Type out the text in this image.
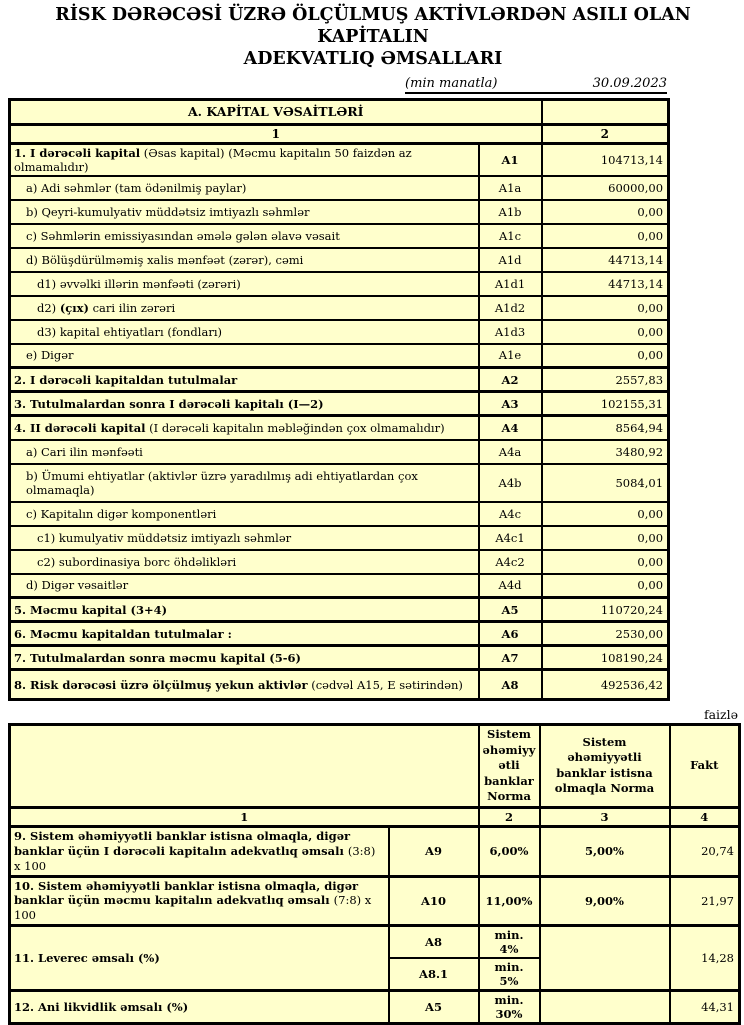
RİSK DƏRƏCƏSİ ÜZRƏ ÖLÇÜLMUŞ AKTİVLƏRDƏN ASILI OLAN KAPİTALIN
ADEKVATLIQ ƏMSALLARI
(min manatla)	30.09.2023
A. KAPİTAL VƏSAİTLƏRİ		
1		2
1. I dərəcəli kapital (Əsas kapital) (Məcmu kapitalın 50 faizdən az olmamalıdır)	A1	104713,14
a) Adi səhmlər (tam ödənilmiş paylar)	A1a	60000,00
b) Qeyri-kumulyativ müddətsiz imtiyazlı səhmlər	A1b	0,00
c) Səhmlərin emissiyasından əmələ gələn əlavə vəsait	A1c	0,00
d) Bölüşdürülməmiş xalis mənfəət (zərər), cəmi	A1d	44713,14
d1) əvvəlki illərin mənfəəti (zərəri)	A1d1	44713,14
d2) (çıx) cari ilin zərəri	A1d2	0,00
d3) kapital ehtiyatları (fondları)	A1d3	0,00
e) Digər	A1e	0,00
2. I dərəcəli kapitaldan tutulmalar	A2	2557,83
3. Tutulmalardan sonra I dərəcəli kapitalı (I—2)	A3	102155,31
4. II dərəcəli kapital (I dərəcəli kapitalın məbləğindən çox olmamalıdır)	A4	8564,94
a) Cari ilin mənfəəti	A4a	3480,92
b) Ümumi ehtiyatlar (aktivlər üzrə yaradılmış adi ehtiyatlardan çox olmamaqla)	A4b	5084,01
c) Kapitalın digər komponentləri	A4c	0,00
c1) kumulyativ müddətsiz imtiyazlı səhmlər	A4c1	0,00
c2) subordinasiya borc öhdəlikləri	A4c2	0,00
d) Digər vəsaitlər	A4d	0,00
5. Məcmu kapital (3+4)	A5	110720,24
6. Məcmu kapitaldan tutulmalar :	A6	2530,00
7. Tutulmalardan sonra məcmu kapital (5-6)	A7	108190,24
8. Risk dərəcəsi üzrə ölçülmuş yekun aktivlər (cədvəl A15, E sətirindən)	A8	492536,42
faizlə
		Sistem əhəmiyyətli banklar Norma	Sistem əhəmiyyətli banklar istisna olmaqla Norma	Fakt
1		2	3	4
9. Sistem əhəmiyyətli banklar istisna olmaqla, digər banklar üçün I dərəcəli kapitalın adekvatlıq əmsalı (3:8) x 100	A9	6,00%	5,00%	20,74
10. Sistem əhəmiyyətli banklar istisna olmaqla, digər banklar üçün məcmu kapitalın adekvatlıq əmsalı (7:8) x 100	A10	11,00%	9,00%	21,97
11. Leverec əmsalı (%)	A8	min. 4%		14,28
	A8.1	min. 5%		
12. Ani likvidlik əmsalı (%)	A5	min. 30%		44,31
